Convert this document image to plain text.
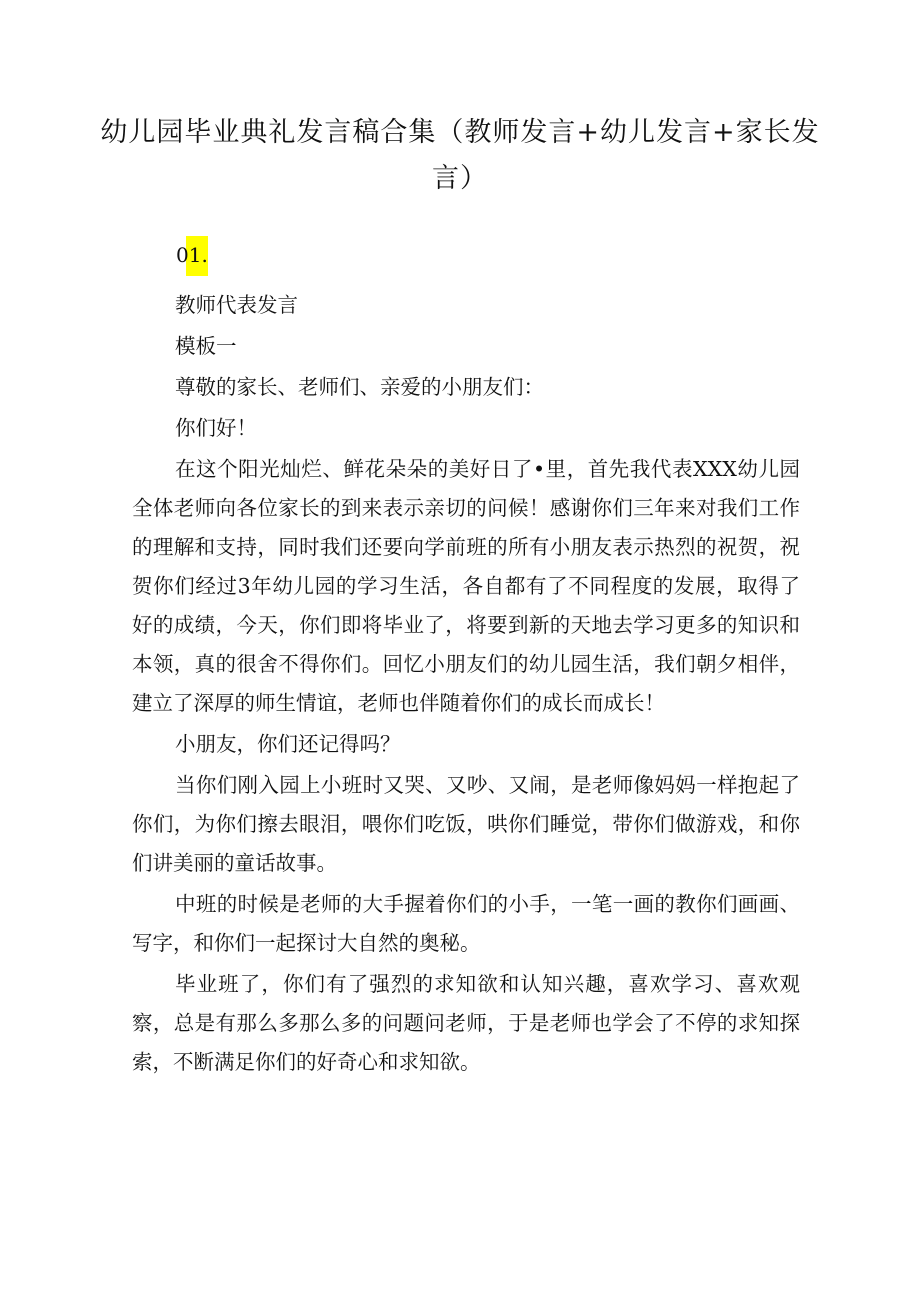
幼儿园毕业典礼发言稿合集（教师发言+幼儿发言+家长发言）
01.

教师代表发言

模板一

尊敬的家长、老师们、亲爱的小朋友们：

你们好！

在这个阳光灿烂、鲜花朵朵的美好日了•里，首先我代表XXX幼儿园全体老师向各位家长的到来表示亲切的问候！感谢你们三年来对我们工作的理解和支持，同时我们还要向学前班的所有小朋友表示热烈的祝贺，祝贺你们经过3年幼儿园的学习生活，各自都有了不同程度的发展，取得了好的成绩，今天，你们即将毕业了，将要到新的天地去学习更多的知识和本领，真的很舍不得你们。回忆小朋友们的幼儿园生活，我们朝夕相伴，建立了深厚的师生情谊，老师也伴随着你们的成长而成长！

小朋友，你们还记得吗？

当你们刚入园上小班时又哭、又吵、又闹，是老师像妈妈一样抱起了你们，为你们擦去眼泪，喂你们吃饭，哄你们睡觉，带你们做游戏，和你们讲美丽的童话故事。

中班的时候是老师的大手握着你们的小手，一笔一画的教你们画画、写字，和你们一起探讨大自然的奥秘。

毕业班了，你们有了强烈的求知欲和认知兴趣，喜欢学习、喜欢观察，总是有那么多那么多的问题问老师，于是老师也学会了不停的求知探索，不断满足你们的好奇心和求知欲。
